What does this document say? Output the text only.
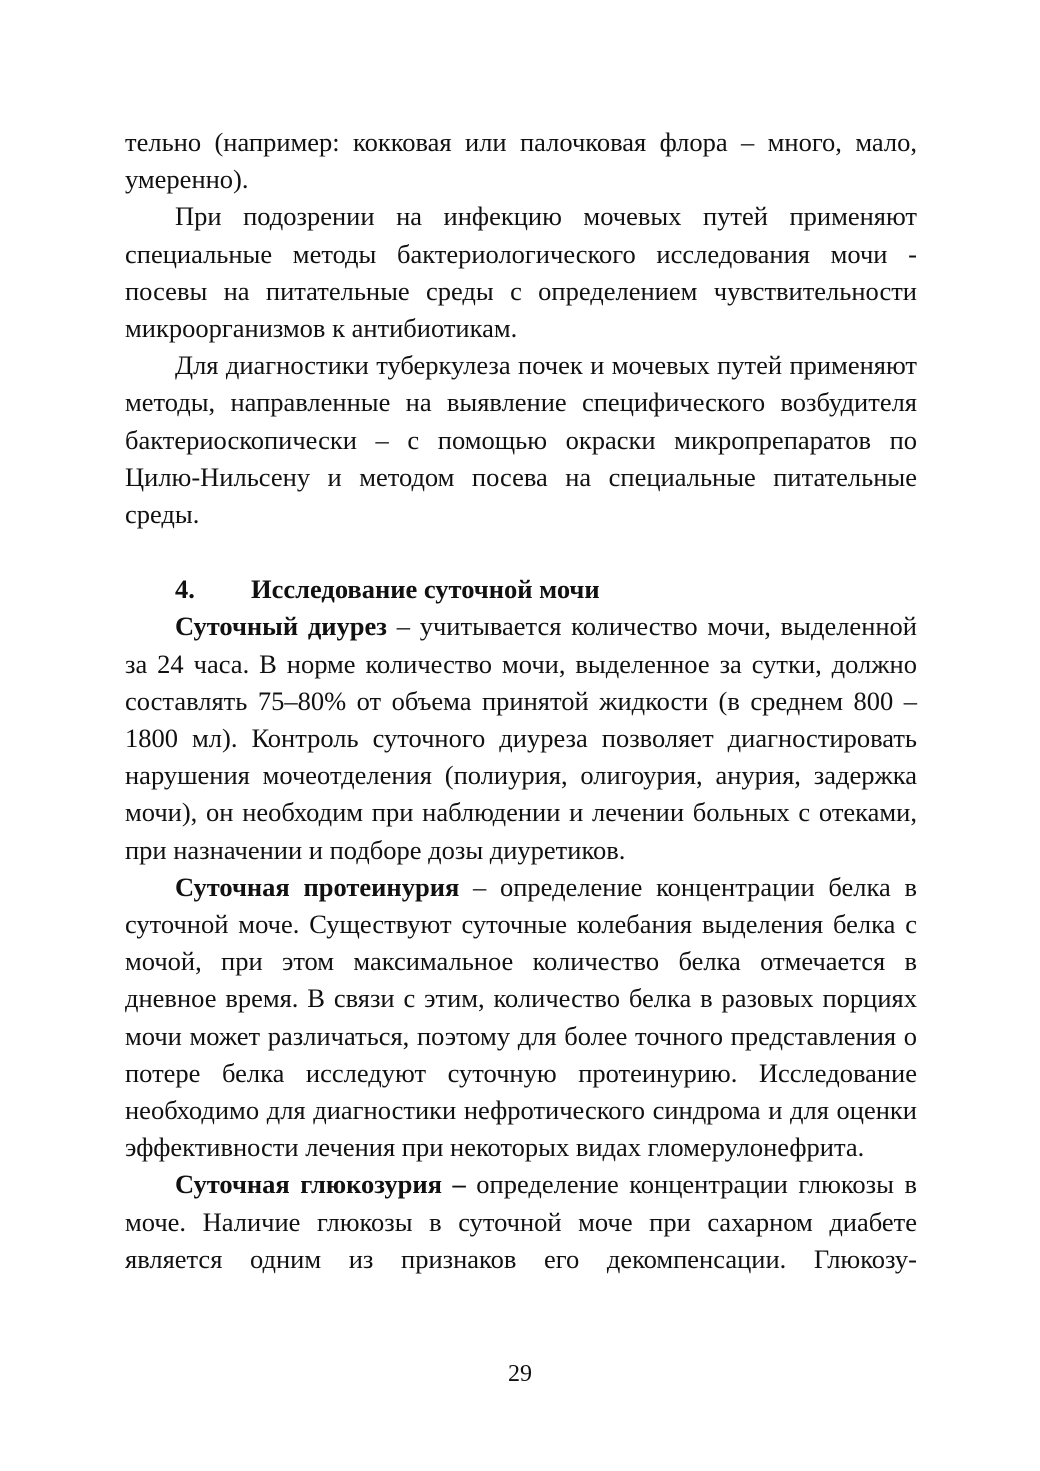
тельно (например: кокковая или палочковая флора – много, мало, умеренно).

При подозрении на инфекцию мочевых путей применяют специальные методы бактериологического исследования мочи - посевы на питательные среды с определением чувствительности микроорганизмов к антибиотикам.

Для диагностики туберкулеза почек и мочевых путей применяют методы, направленные на выявление специфического возбудителя бактериоскопически – с помощью окраски микропрепаратов по Цилю-Нильсену и методом посева на специальные питательные среды.

4. Исследование суточной мочи

Суточный диурез – учитывается количество мочи, выделенной за 24 часа. В норме количество мочи, выделенное за сутки, должно составлять 75–80% от объема принятой жидкости (в среднем 800 – 1800 мл). Контроль суточного диуреза позволяет диагностировать нарушения мочеотделения (полиурия, олигоурия, анурия, задержка мочи), он необходим при наблюдении и лечении больных с отеками, при назначении и подборе дозы диуретиков.

Суточная протеинурия – определение концентрации белка в суточной моче. Существуют суточные колебания выделения белка с мочой, при этом максимальное количество белка отмечается в дневное время. В связи с этим, количество белка в разовых порциях мочи может различаться, поэтому для более точного представления о потере белка исследуют суточную протеинурию. Исследование необходимо для диагностики нефротического синдрома и для оценки эффективности лечения при некоторых видах гломерулонефрита.

Суточная глюкозурия – определение концентрации глюкозы в моче. Наличие глюкозы в суточной моче при сахарном диабете является одним из признаков его декомпенсации. Глюкозу-

29
